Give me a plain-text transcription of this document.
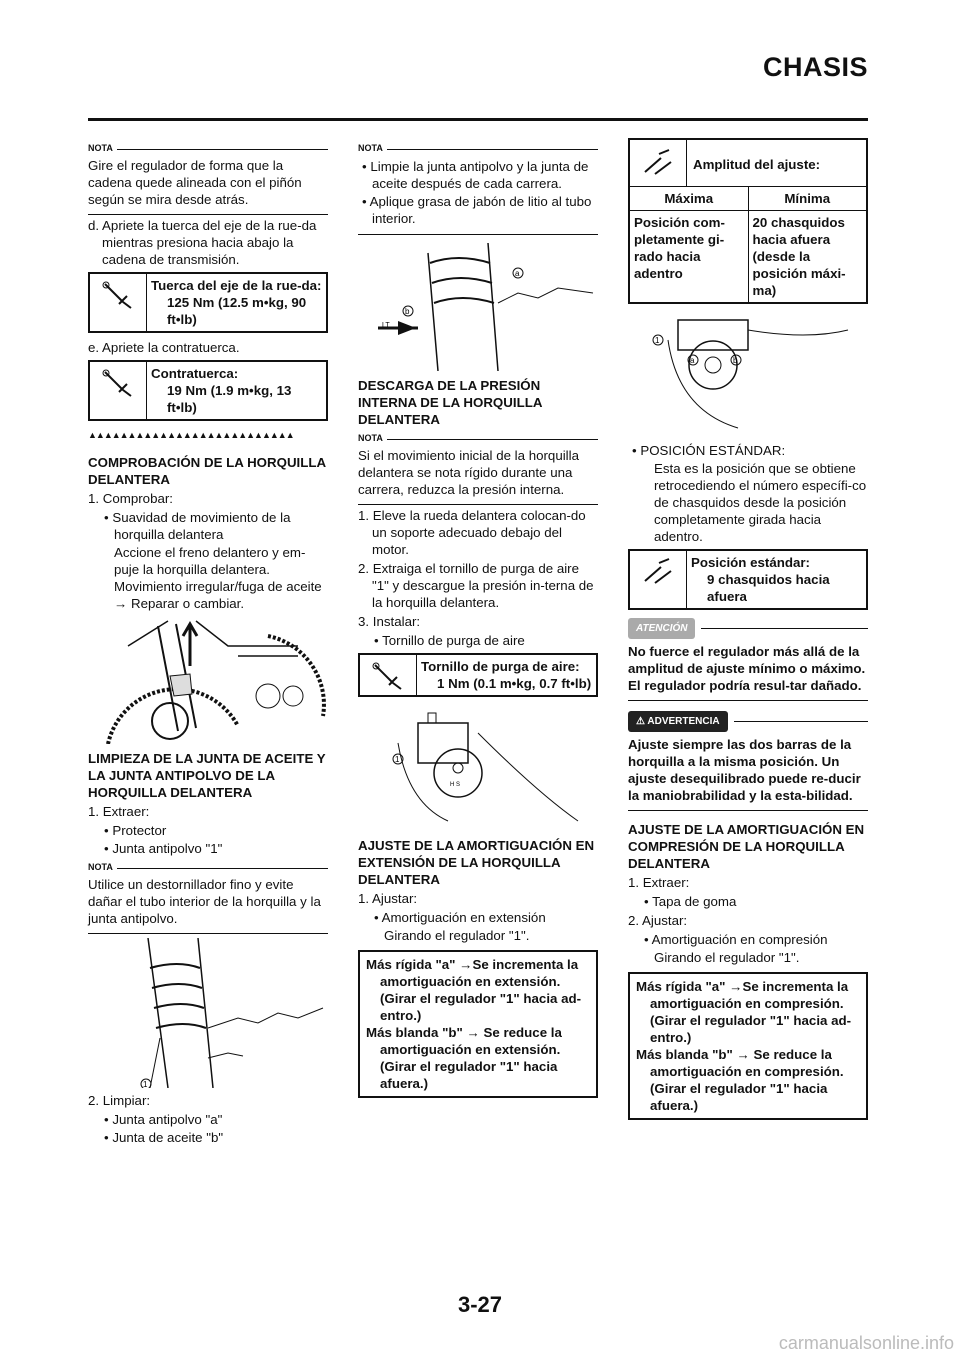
CHASIS
NOTA
Gire el regulador de forma que la cadena quede alineada con el piñón según se mira desde atrás.
d. Apriete la tuerca del eje de la rue-da mientras presiona hacia abajo la cadena de transmisión.
Tuerca del eje de la rue-da:
125 Nm (12.5 m•kg, 90 ft•lb)
e. Apriete la contratuerca.
Contratuerca:
19 Nm (1.9 m•kg, 13 ft•lb)
▲▲▲▲▲▲▲▲▲▲▲▲▲▲▲▲▲▲▲▲▲▲▲▲▲▲
COMPROBACIÓN DE LA HORQUILLA DELANTERA
1. Comprobar:
• Suavidad de movimiento de la horquilla delantera
Accione el freno delantero y em-puje la horquilla delantera. Movimiento irregular/fuga de aceite → Reparar o cambiar.
LIMPIEZA DE LA JUNTA DE ACEITE Y LA JUNTA ANTIPOLVO DE LA HORQUILLA DELANTERA
1. Extraer:
• Protector
• Junta antipolvo "1"
NOTA
Utilice un destornillador fino y evite dañar el tubo interior de la horquilla y la junta antipolvo.
1
2. Limpiar:
• Junta antipolvo "a"
• Junta de aceite "b"
NOTA
• Limpie la junta antipolvo y la junta de aceite después de cada carrera.
• Aplique grasa de jabón de litio al tubo interior.
b
a
LT
DESCARGA DE LA PRESIÓN INTERNA DE LA HORQUILLA DELANTERA
NOTA
Si el movimiento inicial de la horquilla delantera se nota rígido durante una carrera, reduzca la presión interna.
1. Eleve la rueda delantera colocan-do un soporte adecuado debajo del motor.
2. Extraiga el tornillo de purga de aire "1" y descargue la presión in-terna de la horquilla delantera.
3. Instalar:
• Tornillo de purga de aire
Tornillo de purga de aire:
1 Nm (0.1 m•kg, 0.7 ft•lb)
1
H S
AJUSTE DE LA AMORTIGUACIÓN EN EXTENSIÓN DE LA HORQUILLA DELANTERA
1. Ajustar:
• Amortiguación en extensión
Girando el regulador "1".
Más rígida "a" →Se incrementa la
amortiguación en extensión.
(Girar el regulador "1" hacia ad-entro.)
Más blanda "b" → Se reduce la
amortiguación en extensión.
(Girar el regulador "1" hacia afuera.)
Amplitud del ajuste:
Máxima	Mínima
Posición com-pletamente gi-rado hacia adentro
20 chasquidos hacia afuera (desde la posición máxi-ma)
1
a	b
• POSICIÓN ESTÁNDAR:
Esta es la posición que se obtiene retrocediendo el número específi-co de chasquidos desde la posición completamente girada hacia adentro.
Posición estándar:
9 chasquidos hacia afuera
ATENCIÓN
No fuerce el regulador más allá de la amplitud de ajuste mínimo o máximo. El regulador podría resul-tar dañado.
⚠ ADVERTENCIA
Ajuste siempre las dos barras de la horquilla a la misma posición. Un ajuste desequilibrado puede re-ducir la maniobrabilidad y la esta-bilidad.
AJUSTE DE LA AMORTIGUACIÓN EN COMPRESIÓN DE LA HORQUILLA DELANTERA
1. Extraer:
• Tapa de goma
2. Ajustar:
• Amortiguación en compresión
Girando el regulador "1".
Más rígida "a" →Se incrementa la
amortiguación en compresión.
(Girar el regulador "1" hacia ad-entro.)
Más blanda "b" → Se reduce la
amortiguación en compresión.
(Girar el regulador "1" hacia afuera.)
3-27
carmanualsonline.info
